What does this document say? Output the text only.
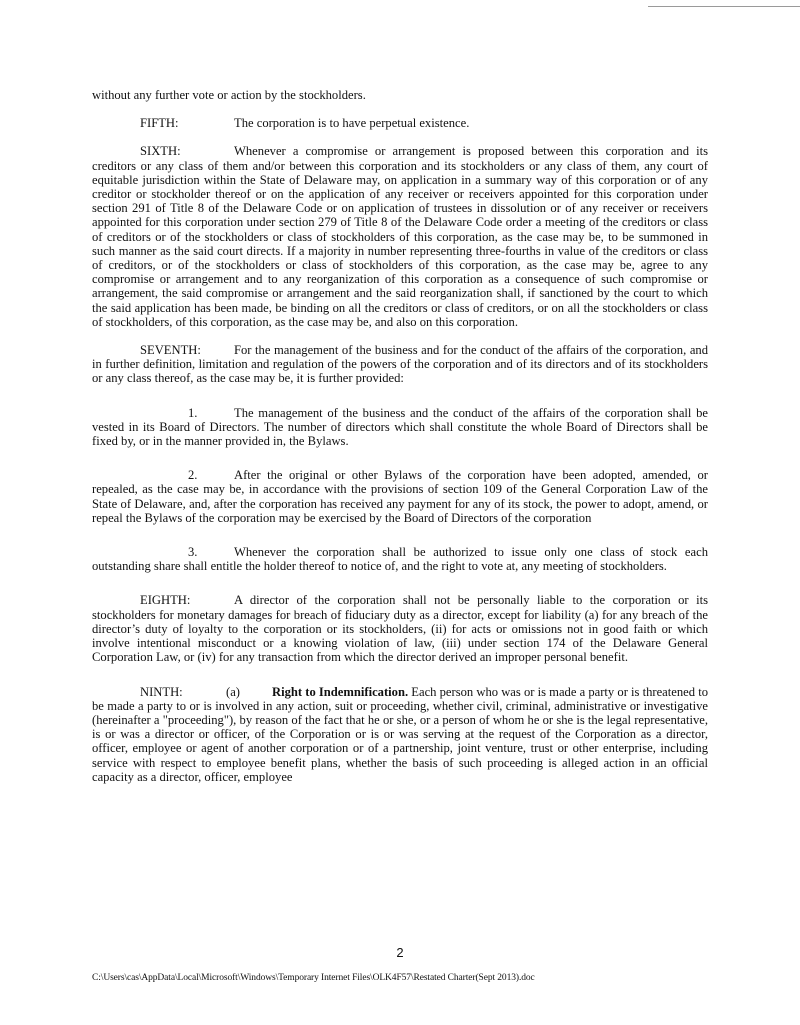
without any further vote or action by the stockholders.

FIFTH:	The corporation is to have perpetual existence.

SIXTH:	Whenever a compromise or arrangement is proposed between this corporation and its creditors or any class of them and/or between this corporation and its stockholders or any class of them, any court of equitable jurisdiction within the State of Delaware may, on application in a summary way of this corporation or of any creditor or stockholder thereof or on the application of any receiver or receivers appointed for this corporation under section 291 of Title 8 of the Delaware Code or on application of trustees in dissolution or of any receiver or receivers appointed for this corporation under section 279 of Title 8 of the Delaware Code order a meeting of the creditors or class of creditors or of the stockholders or class of stockholders of this corporation, as the case may be, to be summoned in such manner as the said court directs. If a majority in number representing three-fourths in value of the creditors or class of creditors, or of the stockholders or class of stockholders of this corporation, as the case may be, agree to any compromise or arrangement and to any reorganization of this corporation as a consequence of such compromise or arrangement, the said compromise or arrangement and the said reorganization shall, if sanctioned by the court to which the said application has been made, be binding on all the creditors or class of creditors, or on all the stockholders or class of stockholders, of this corporation, as the case may be, and also on this corporation.

SEVENTH:	For the management of the business and for the conduct of the affairs of the corporation, and in further definition, limitation and regulation of the powers of the corporation and of its directors and of its stockholders or any class thereof, as the case may be, it is further provided:

1.	The management of the business and the conduct of the affairs of the corporation shall be vested in its Board of Directors. The number of directors which shall constitute the whole Board of Directors shall be fixed by, or in the manner provided in, the Bylaws.

2.	After the original or other Bylaws of the corporation have been adopted, amended, or repealed, as the case may be, in accordance with the provisions of section 109 of the General Corporation Law of the State of Delaware, and, after the corporation has received any payment for any of its stock, the power to adopt, amend, or repeal the Bylaws of the corporation may be exercised by the Board of Directors of the corporation

3.	Whenever the corporation shall be authorized to issue only one class of stock each outstanding share shall entitle the holder thereof to notice of, and the right to vote at, any meeting of stockholders.

EIGHTH:	A director of the corporation shall not be personally liable to the corporation or its stockholders for monetary damages for breach of fiduciary duty as a director, except for liability (a) for any breach of the director’s duty of loyalty to the corporation or its stockholders, (ii) for acts or omissions not in good faith or which involve intentional misconduct or a knowing violation of law, (iii) under section 174 of the Delaware General Corporation Law, or (iv) for any transaction from which the director derived an improper personal benefit.

NINTH:	(a)	Right to Indemnification. Each person who was or is made a party or is threatened to be made a party to or is involved in any action, suit or proceeding, whether civil, criminal, administrative or investigative (hereinafter a "proceeding"), by reason of the fact that he or she, or a person of whom he or she is the legal representative, is or was a director or officer, of the Corporation or is or was serving at the request of the Corporation as a director, officer, employee or agent of another corporation or of a partnership, joint venture, trust or other enterprise, including service with respect to employee benefit plans, whether the basis of such proceeding is alleged action in an official capacity as a director, officer, employee

2
C:\Users\cas\AppData\Local\Microsoft\Windows\Temporary Internet Files\OLK4F57\Restated Charter(Sept 2013).doc
